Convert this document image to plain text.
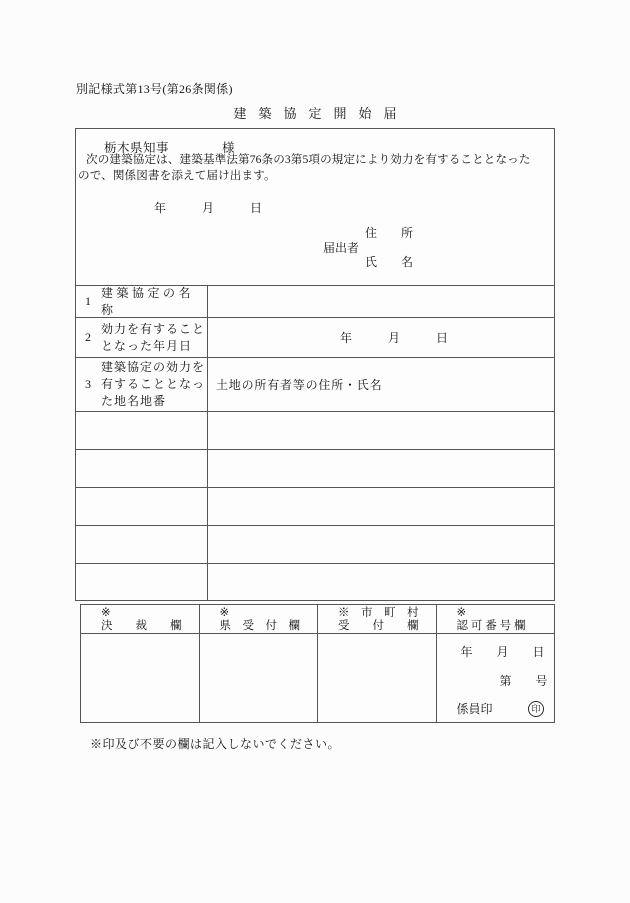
別記様式第13号(第26条関係)
建築協定開始届
栃木県知事	様
次の建築協定は、建築基準法第76条の3第5項の規定により効力を有することとなった
ので、関係図書を添えて届け出ます。
年　　　月　　　日
届出者
住　　所
氏　　名
1
建築協定の名称
2
効力を有すること
となった年月日
年　　　月　　　日
3
建築協定の効力を
有することとなっ
た地名地番
土地の所有者等の住所・氏名
※
決　　裁　　欄
※
県　受　付　欄
※　市　町　村
受　　付　　欄
※
認 可 番 号 欄
年　　月　　日
第　　号
係員印	印
※印及び不要の欄は記入しないでください。
